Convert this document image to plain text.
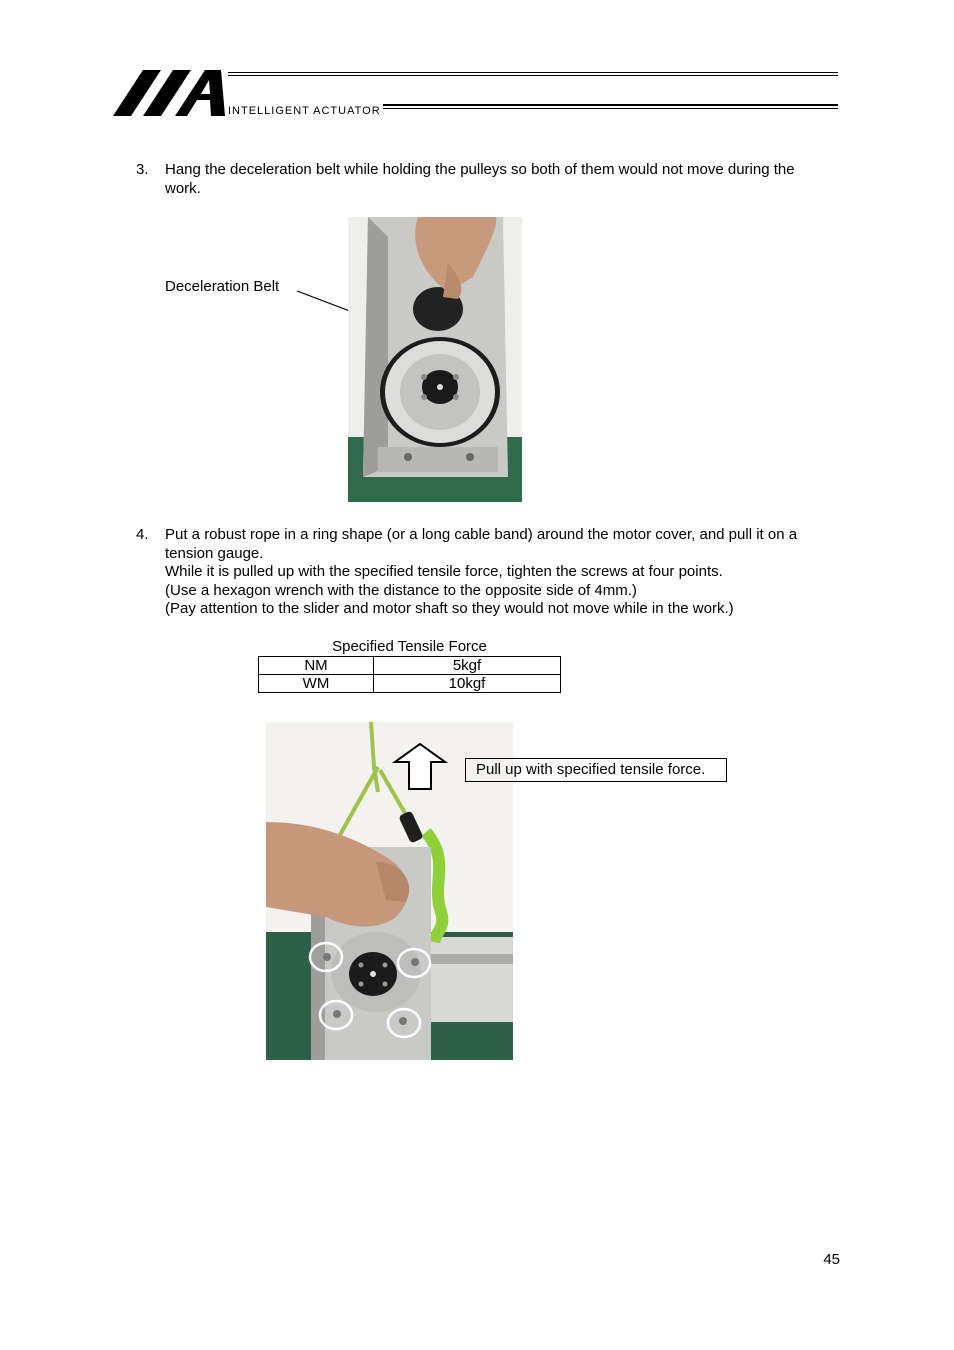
INTELLIGENT ACTUATOR
3.	Hang the deceleration belt while holding the pulleys so both of them would not move during the
work.
Deceleration Belt
4.	Put a robust rope in a ring shape (or a long cable band) around the motor cover, and pull it on a
tension gauge.
While it is pulled up with the specified tensile force, tighten the screws at four points.
(Use a hexagon wrench with the distance to the opposite side of 4mm.)
(Pay attention to the slider and motor shaft so they would not move while in the work.)
Specified Tensile Force
NM	5kgf
WM	10kgf
Pull up with specified tensile force.
45
